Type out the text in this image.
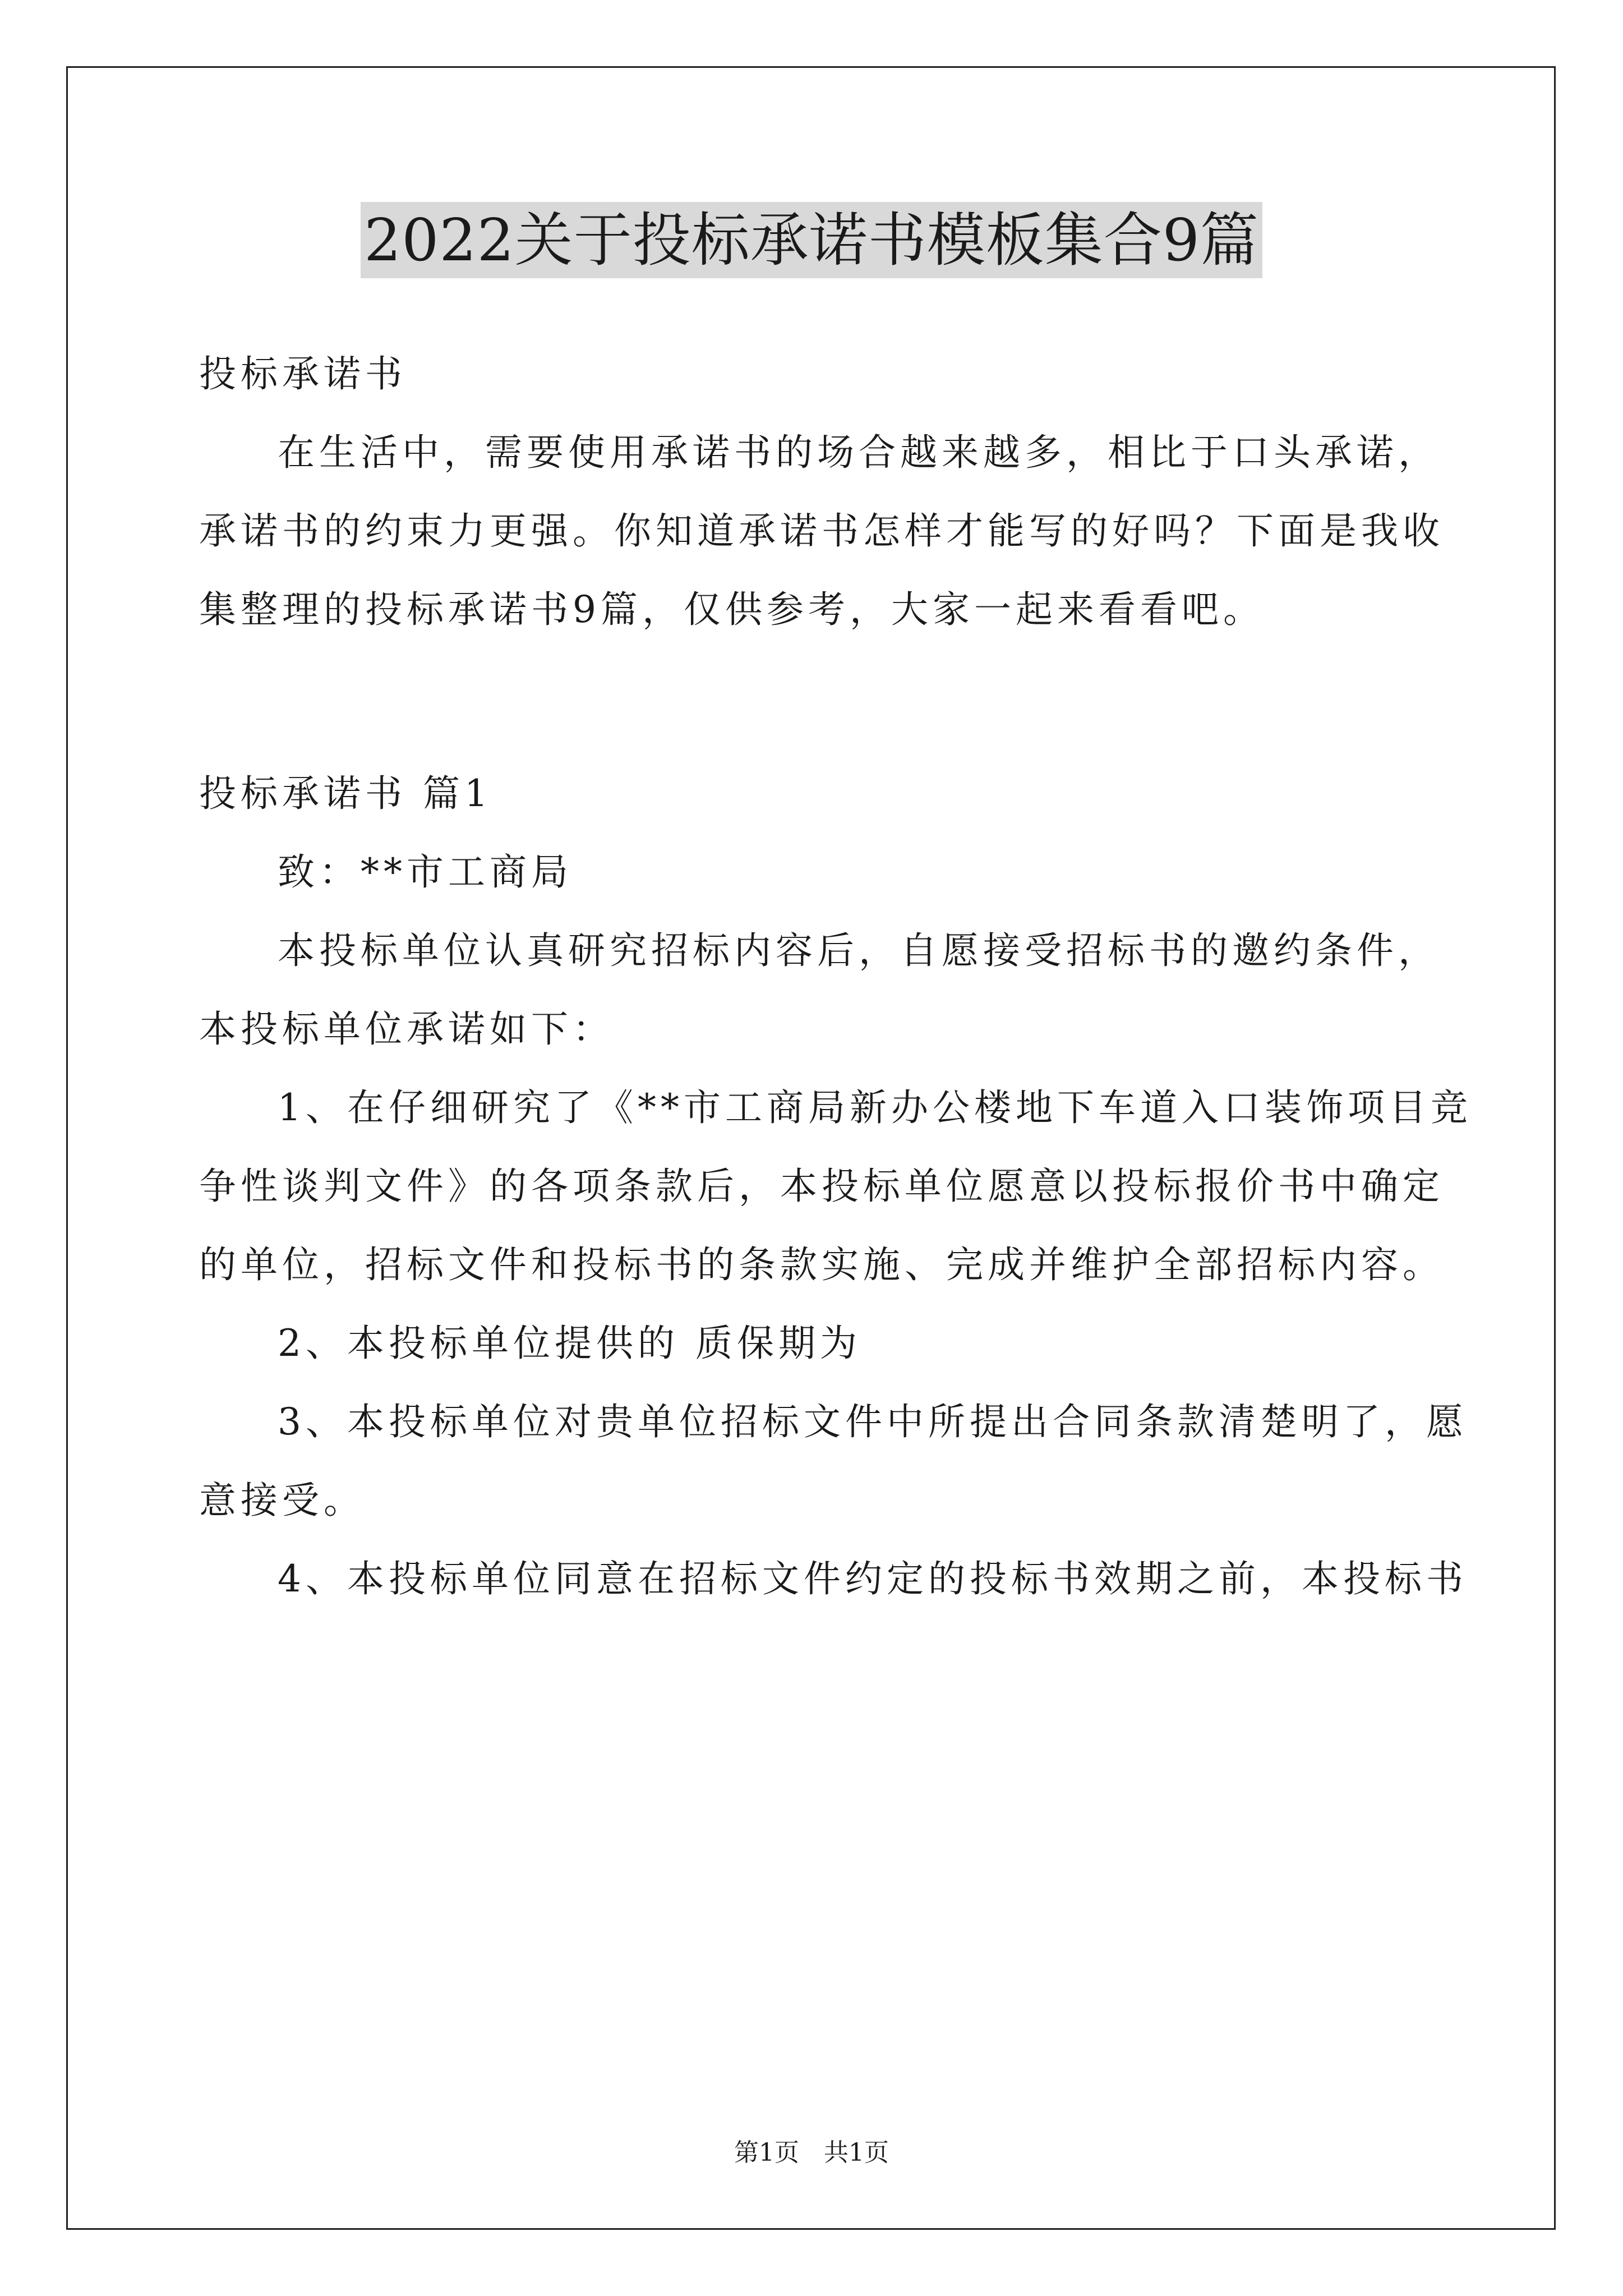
2022关于投标承诺书模板集合9篇
投标承诺书
在生活中，需要使用承诺书的场合越来越多，相比于口头承诺，
承诺书的约束力更强。你知道承诺书怎样才能写的好吗？下面是我收
集整理的投标承诺书9篇，仅供参考，大家一起来看看吧。
投标承诺书 篇1
致：**市工商局
本投标单位认真研究招标内容后，自愿接受招标书的邀约条件，
本投标单位承诺如下：
1、在仔细研究了《**市工商局新办公楼地下车道入口装饰项目竞
争性谈判文件》的各项条款后，本投标单位愿意以投标报价书中确定
的单位，招标文件和投标书的条款实施、完成并维护全部招标内容。
2、本投标单位提供的 质保期为
3、本投标单位对贵单位招标文件中所提出合同条款清楚明了，愿
意接受。
4、本投标单位同意在招标文件约定的投标书效期之前，本投标书
第1页　共1页
